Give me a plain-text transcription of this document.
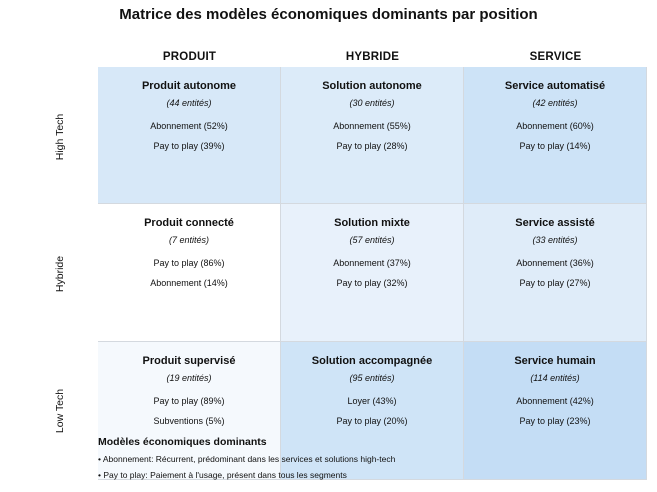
Matrice des modèles économiques dominants par position
PRODUIT	HYBRIDE	SERVICE
High Tech
Hybride
Low Tech
Produit autonome
(44 entités)
Abonnement (52%)
Pay to play (39%)
Solution autonome
(30 entités)
Abonnement (55%)
Pay to play (28%)
Service automatisé
(42 entités)
Abonnement (60%)
Pay to play (14%)
Produit connecté
(7 entités)
Pay to play (86%)
Abonnement (14%)
Solution mixte
(57 entités)
Abonnement (37%)
Pay to play (32%)
Service assisté
(33 entités)
Abonnement (36%)
Pay to play (27%)
Produit supervisé
(19 entités)
Pay to play (89%)
Subventions (5%)
Solution accompagnée
(95 entités)
Loyer (43%)
Pay to play (20%)
Service humain
(114 entités)
Abonnement (42%)
Pay to play (23%)
Modèles économiques dominants
• Abonnement: Récurrent, prédominant dans les services et solutions high-tech
• Pay to play: Paiement à l'usage, présent dans tous les segments
